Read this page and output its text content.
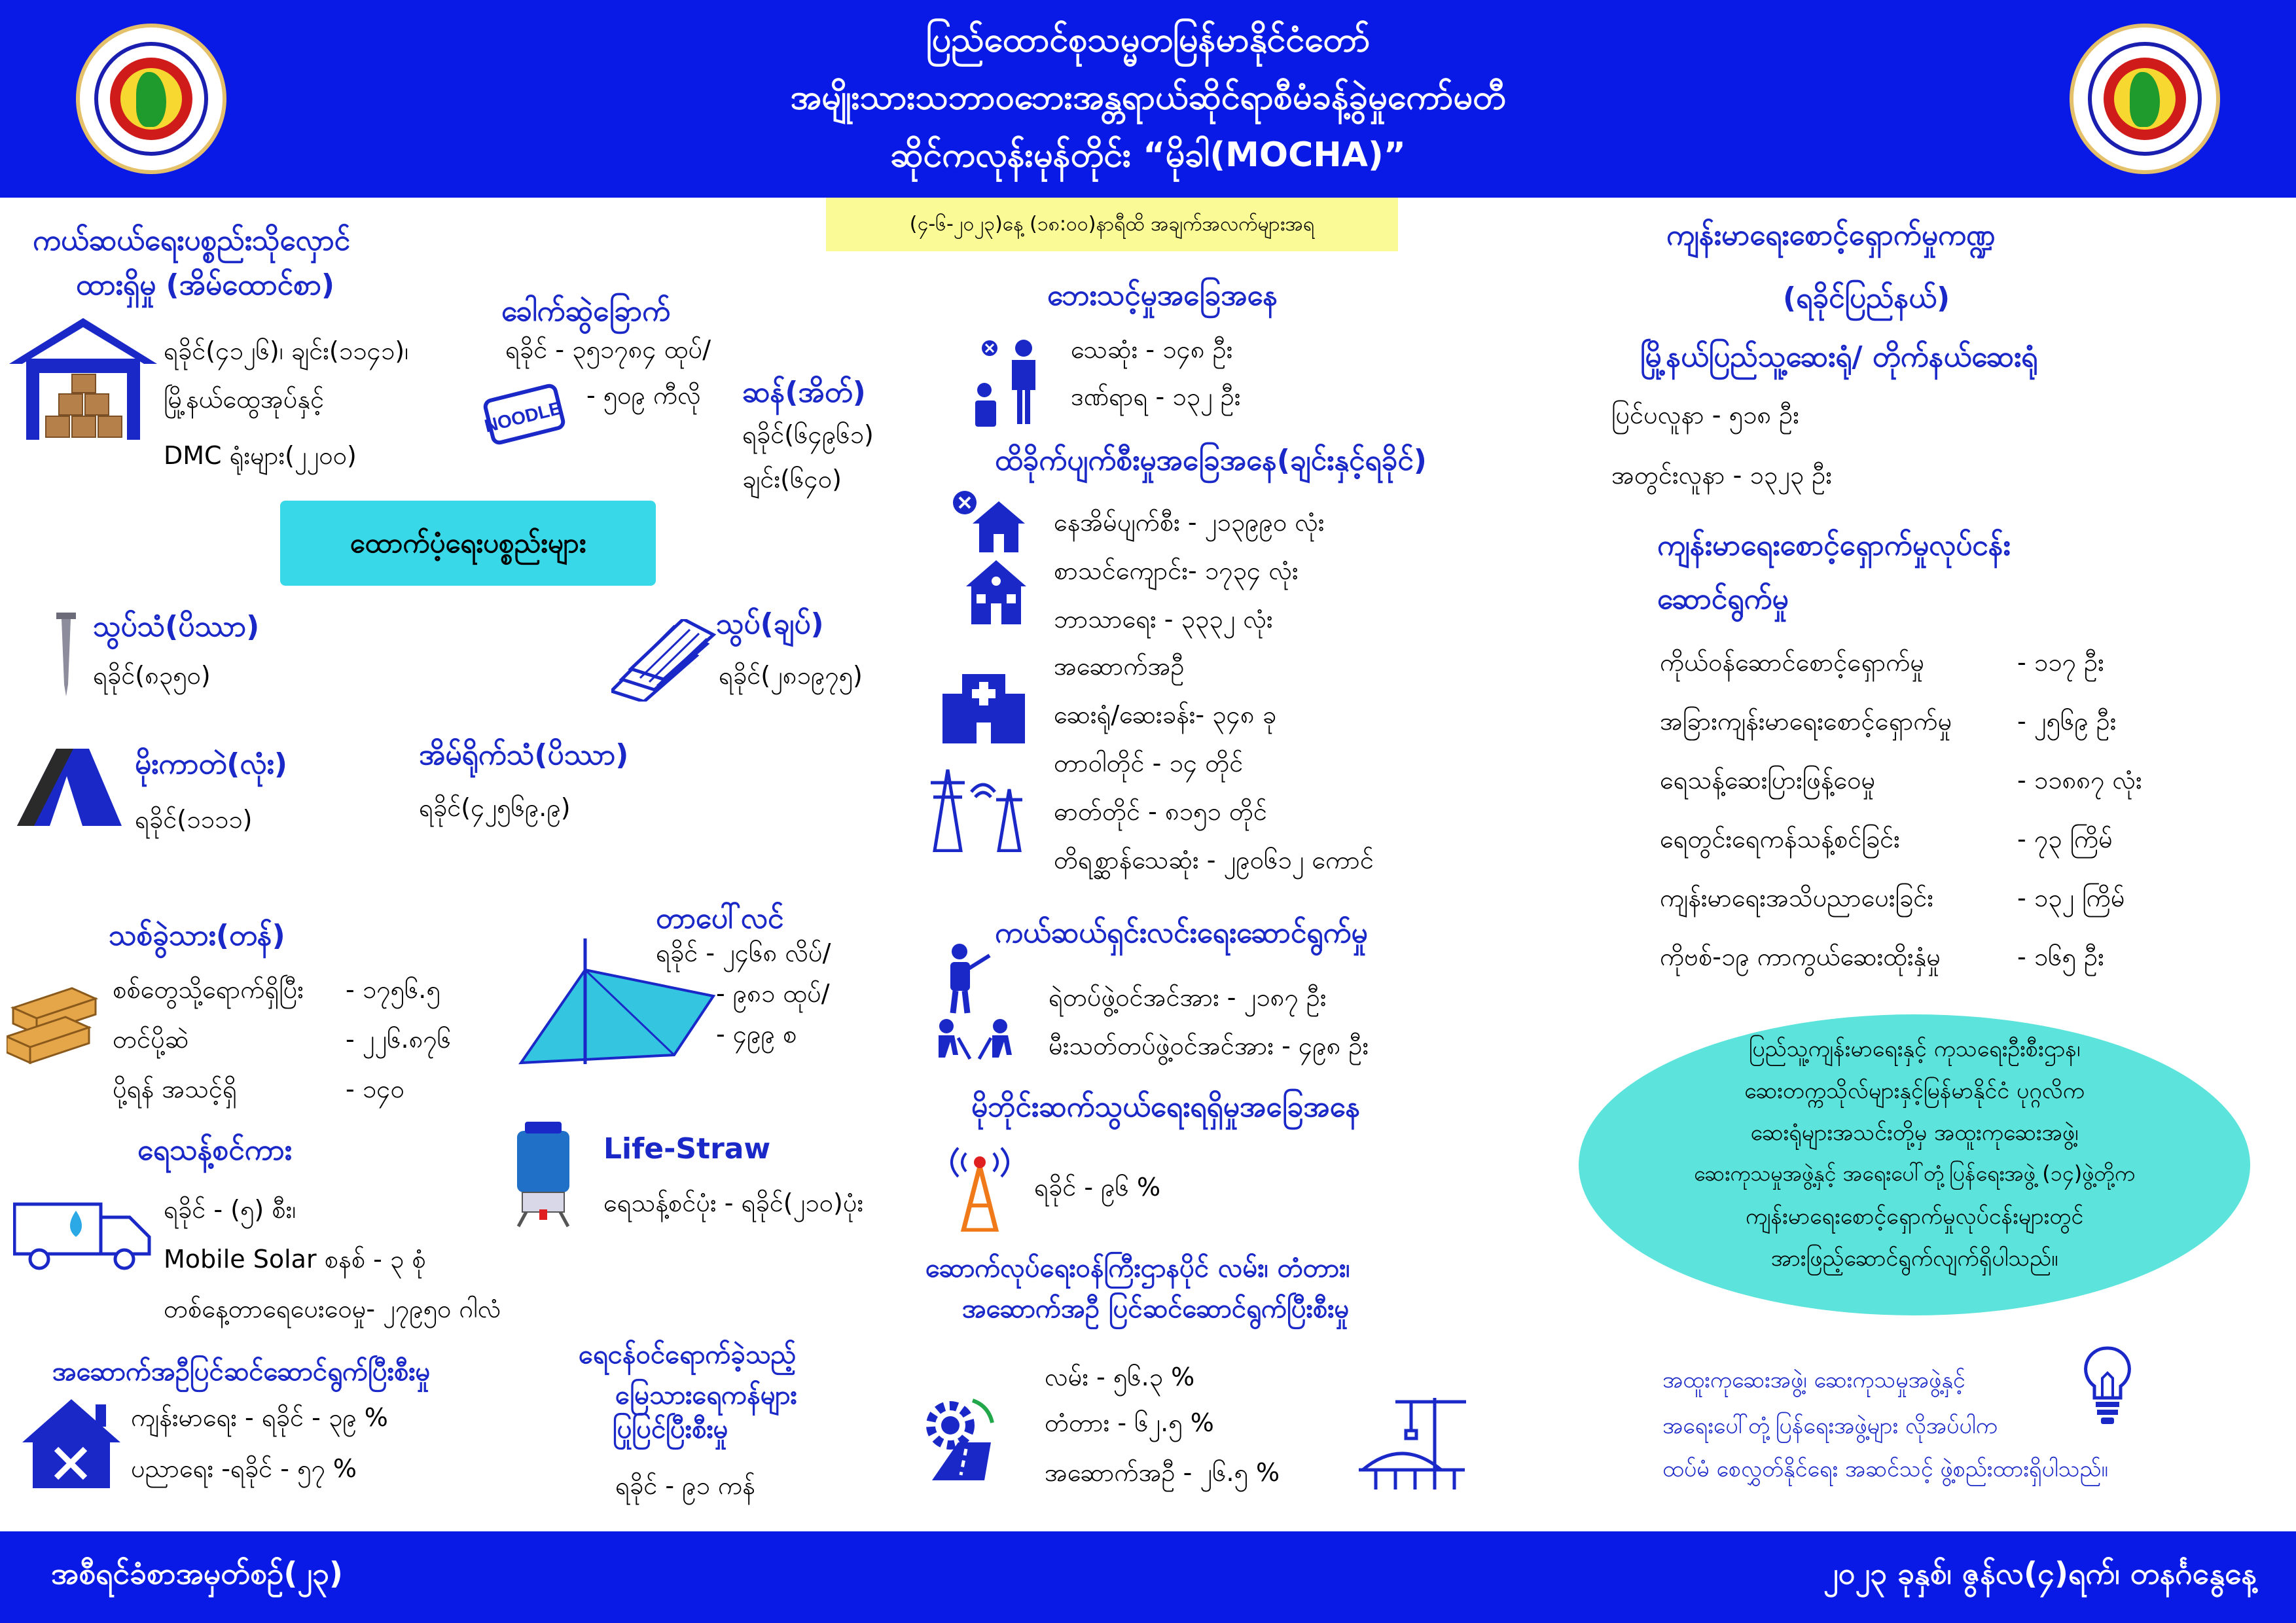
ပြည်ထောင်စုသမ္မတမြန်မာနိုင်ငံတော်
အမျိုးသားသဘာဝဘေးအန္တရာယ်ဆိုင်ရာစီမံခန့်ခွဲမှုကော်မတီ
ဆိုင်ကလုန်းမုန်တိုင်း “မိုခါ(MOCHA)”
(၄-၆-၂၀၂၃)နေ့ (၁၈:၀၀)နာရီထိ အချက်အလက်များအရ
ကယ်ဆယ်ရေးပစ္စည်းသိုလှောင်
ထားရှိမှု (အိမ်ထောင်စာ)
ရခိုင်(၄၁၂၆)၊ ချင်း(၁၁၄၁)၊
မြို့နယ်ထွေအုပ်နှင့်
DMC ရုံးများ(၂၂၀၀)
ခေါက်ဆွဲခြောက်
ရခိုင် - ၃၅၁၇၈၄ ထုပ်/
- ၅၀၉ ကီလို
NOODLE
ဆန်(အိတ်)
ရခိုင်(၆၄၉၆၁)
ချင်း(၆၄၀)
ထောက်ပံ့ရေးပစ္စည်းများ
သွပ်သံ(ပိဿာ)
ရခိုင်(၈၃၅၀)
သွပ်(ချပ်)
ရခိုင်(၂၈၁၉၇၅)
မိုးကာတဲ(လုံး)
ရခိုင်(၁၁၁၁)
အိမ်ရိုက်သံ(ပိဿာ)
ရခိုင်(၄၂၅၆၉.၉)
သစ်ခွဲသား(တန်)
စစ်တွေသို့ရောက်ရှိပြီး - ၁၇၅၆.၅
တင်ပို့ဆဲ	- ၂၂၆.၈၇၆
ပို့ရန် အသင့်ရှိ	- ၁၄၀
တာပေါ်လင်
ရခိုင် - ၂၄၆၈ လိပ်/
- ၉၈၁ ထုပ်/
- ၄၉၉ စ
ရေသန့်စင်ကား
ရခိုင် - (၅) စီး၊
Mobile Solar စနစ် - ၃ စုံ
တစ်နေ့တာရေပေးဝေမှု- ၂၇၉၅၀ ဂါလံ
Life-Straw
ရေသန့်စင်ပုံး - ရခိုင်(၂၁၀)ပုံး
အဆောက်အဦပြင်ဆင်ဆောင်ရွက်ပြီးစီးမှု
ကျန်းမာရေး - ရခိုင် - ၃၉ %
ပညာရေး -ရခိုင် - ၅၇ %
ရေငန်ဝင်ရောက်ခဲ့သည့်
မြေသားရေကန်များ
ပြုပြင်ပြီးစီးမှု
ရခိုင် - ၉၁ ကန်
ဘေးသင့်မှုအခြေအနေ
သေဆုံး - ၁၄၈ ဦး
ဒဏ်ရာရ - ၁၃၂ ဦး
ထိခိုက်ပျက်စီးမှုအခြေအနေ(ချင်းနှင့်ရခိုင်)
နေအိမ်ပျက်စီး - ၂၁၃၉၉၀ လုံး
စာသင်ကျောင်း- ၁၇၃၄ လုံး
ဘာသာရေး - ၃၃၃၂ လုံး
အဆောက်အဦ
ဆေးရုံ/ဆေးခန်း- ၃၄၈ ခု
တာဝါတိုင် - ၁၄ တိုင်
ဓာတ်တိုင် - ၈၁၅၁ တိုင်
တိရစ္ဆာန်သေဆုံး - ၂၉၀၆၁၂ ကောင်
ကယ်ဆယ်ရှင်းလင်းရေးဆောင်ရွက်မှု
ရဲတပ်ဖွဲ့ဝင်အင်အား - ၂၁၈၇ ဦး
မီးသတ်တပ်ဖွဲ့ဝင်အင်အား - ၄၉၈ ဦး
မိုဘိုင်းဆက်သွယ်ရေးရရှိမှုအခြေအနေ
ရခိုင် - ၉၆ %
ဆောက်လုပ်ရေးဝန်ကြီးဌာနပိုင် လမ်း၊ တံတား၊
အဆောက်အဦ ပြင်ဆင်ဆောင်ရွက်ပြီးစီးမှု
လမ်း - ၅၆.၃ %
တံတား - ၆၂.၅ %
အဆောက်အဦ - ၂၆.၅ %
ကျန်းမာရေးစောင့်ရှောက်မှုကဏ္ဍ
(ရခိုင်ပြည်နယ်)
မြို့နယ်ပြည်သူ့ဆေးရုံ/ တိုက်နယ်ဆေးရုံ
ပြင်ပလူနာ - ၅၁၈ ဦး
အတွင်းလူနာ - ၁၃၂၃ ဦး
ကျန်းမာရေးစောင့်ရှောက်မှုလုပ်ငန်း
ဆောင်ရွက်မှု
ကိုယ်ဝန်ဆောင်စောင့်ရှောက်မှု	- ၁၁၇ ဦး
အခြားကျန်းမာရေးစောင့်ရှောက်မှု	- ၂၅၆၉ ဦး
ရေသန့်ဆေးပြားဖြန့်ဝေမှု	- ၁၁၈၈၇ လုံး
ရေတွင်းရေကန်သန့်စင်ခြင်း	- ၇၃ ကြိမ်
ကျန်းမာရေးအသိပညာပေးခြင်း	- ၁၃၂ ကြိမ်
ကိုဗစ်-၁၉ ကာကွယ်ဆေးထိုးနှံမှု	- ၁၆၅ ဦး
ပြည်သူ့ကျန်းမာရေးနှင့် ကုသရေးဦးစီးဌာန၊
ဆေးတက္ကသိုလ်များနှင့်မြန်မာနိုင်ငံ ပုဂ္ဂလိက
ဆေးရုံများအသင်းတို့မှ အထူးကုဆေးအဖွဲ့၊
ဆေးကုသမှုအဖွဲ့နှင့် အရေးပေါ်တုံ့ပြန်ရေးအဖွဲ့ (၁၄)ဖွဲ့တို့က
ကျန်းမာရေးစောင့်ရှောက်မှုလုပ်ငန်းများတွင်
အားဖြည့်ဆောင်ရွက်လျက်ရှိပါသည်။
အထူးကုဆေးအဖွဲ့၊ ဆေးကုသမှုအဖွဲ့နှင့်
အရေးပေါ်တုံ့ပြန်ရေးအဖွဲ့များ လိုအပ်ပါက
ထပ်မံ စေလွှတ်နိုင်ရေး အဆင်သင့် ဖွဲ့စည်းထားရှိပါသည်။
အစီရင်ခံစာအမှတ်စဉ်(၂၃)	၂၀၂၃ ခုနှစ်၊ ဇွန်လ(၄)ရက်၊ တနင်္ဂနွေနေ့
